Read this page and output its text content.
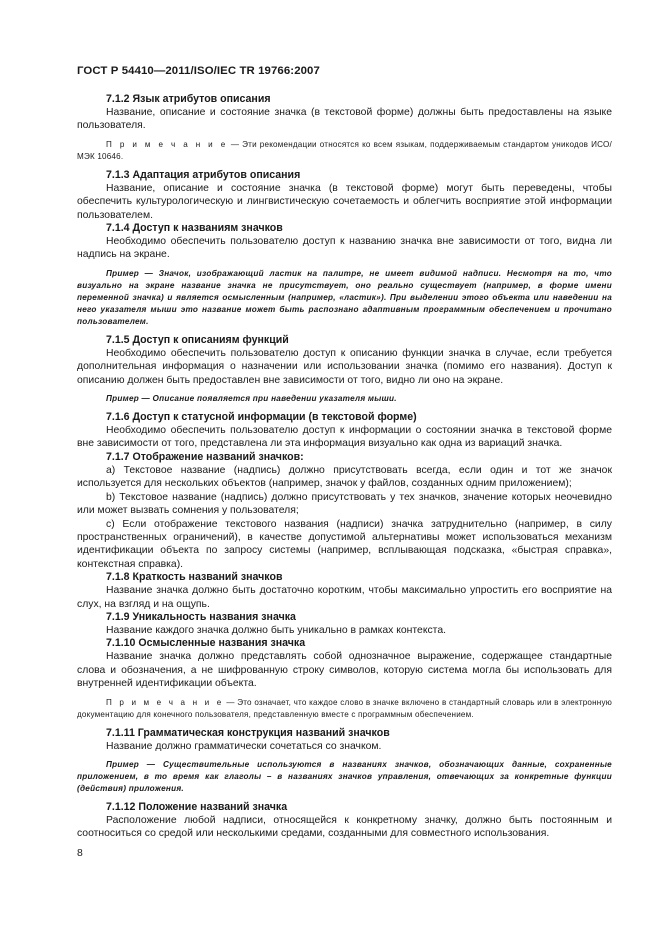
ГОСТ Р 54410—2011/ISO/IEC TR 19766:2007

7.1.2 Язык атрибутов описания

Название, описание и состояние значка (в текстовой форме) должны быть предоставлены на языке пользователя.

П р и м е ч а н и е — Эти рекомендации относятся ко всем языкам, поддерживаемым стандартом уникодов ИСО/МЭК 10646.

7.1.3 Адаптация атрибутов описания

Название, описание и состояние значка (в текстовой форме) могут быть переведены, чтобы обеспечить культурологическую и лингвистическую сочетаемость и облегчить восприятие этой информации пользователем.

7.1.4 Доступ к названиям значков

Необходимо обеспечить пользователю доступ к названию значка вне зависимости от того, видна ли надпись на экране.

Пример — Значок, изображающий ластик на палитре, не имеет видимой надписи. Несмотря на то, что визуально на экране название значка не присутствует, оно реально существует (например, в форме имени переменной значка) и является осмысленным (например, «ластик»). При выделении этого объекта или наведении на него указателя мыши это название может быть распознано адаптивным программным обеспечением и прочитано пользователем.

7.1.5 Доступ к описаниям функций

Необходимо обеспечить пользователю доступ к описанию функции значка в случае, если требуется дополнительная информация о назначении или использовании значка (помимо его названия). Доступ к описанию должен быть предоставлен вне зависимости от того, видно ли оно на экране.

Пример — Описание появляется при наведении указателя мыши.

7.1.6 Доступ к статусной информации (в текстовой форме)

Необходимо обеспечить пользователю доступ к информации о состоянии значка в текстовой форме вне зависимости от того, представлена ли эта информация визуально как одна из вариаций значка.

7.1.7 Отображение названий значков:

а) Текстовое название (надпись) должно присутствовать всегда, если один и тот же значок используется для нескольких объектов (например, значок у файлов, созданных одним приложением);

b) Текстовое название (надпись) должно присутствовать у тех значков, значение которых неочевидно или может вызвать сомнения у пользователя;

с) Если отображение текстового названия (надписи) значка затруднительно (например, в силу пространственных ограничений), в качестве допустимой альтернативы может использоваться механизм идентификации объекта по запросу системы (например, всплывающая подсказка, «быстрая справка», контекстная справка).

7.1.8 Краткость названий значков

Название значка должно быть достаточно коротким, чтобы максимально упростить его восприятие на слух, на взгляд и на ощупь.

7.1.9 Уникальность названия значка

Название каждого значка должно быть уникально в рамках контекста.

7.1.10 Осмысленные названия значка

Название значка должно представлять собой однозначное выражение, содержащее стандартные слова и обозначения, а не шифрованную строку символов, которую система могла бы использовать для внутренней идентификации объекта.

П р и м е ч а н и е — Это означает, что каждое слово в значке включено в стандартный словарь или в электронную документацию для конечного пользователя, представленную вместе с программным обеспечением.

7.1.11 Грамматическая конструкция названий значков

Название должно грамматически сочетаться со значком.

Пример — Существительные используются в названиях значков, обозначающих данные, сохраненные приложением, в то время как глаголы – в названиях значков управления, отвечающих за конкретные функции (действия) приложения.

7.1.12 Положение названий значка

Расположение любой надписи, относящейся к конкретному значку, должно быть постоянным и соотноситься со средой или несколькими средами, созданными для совместного использования.

8
